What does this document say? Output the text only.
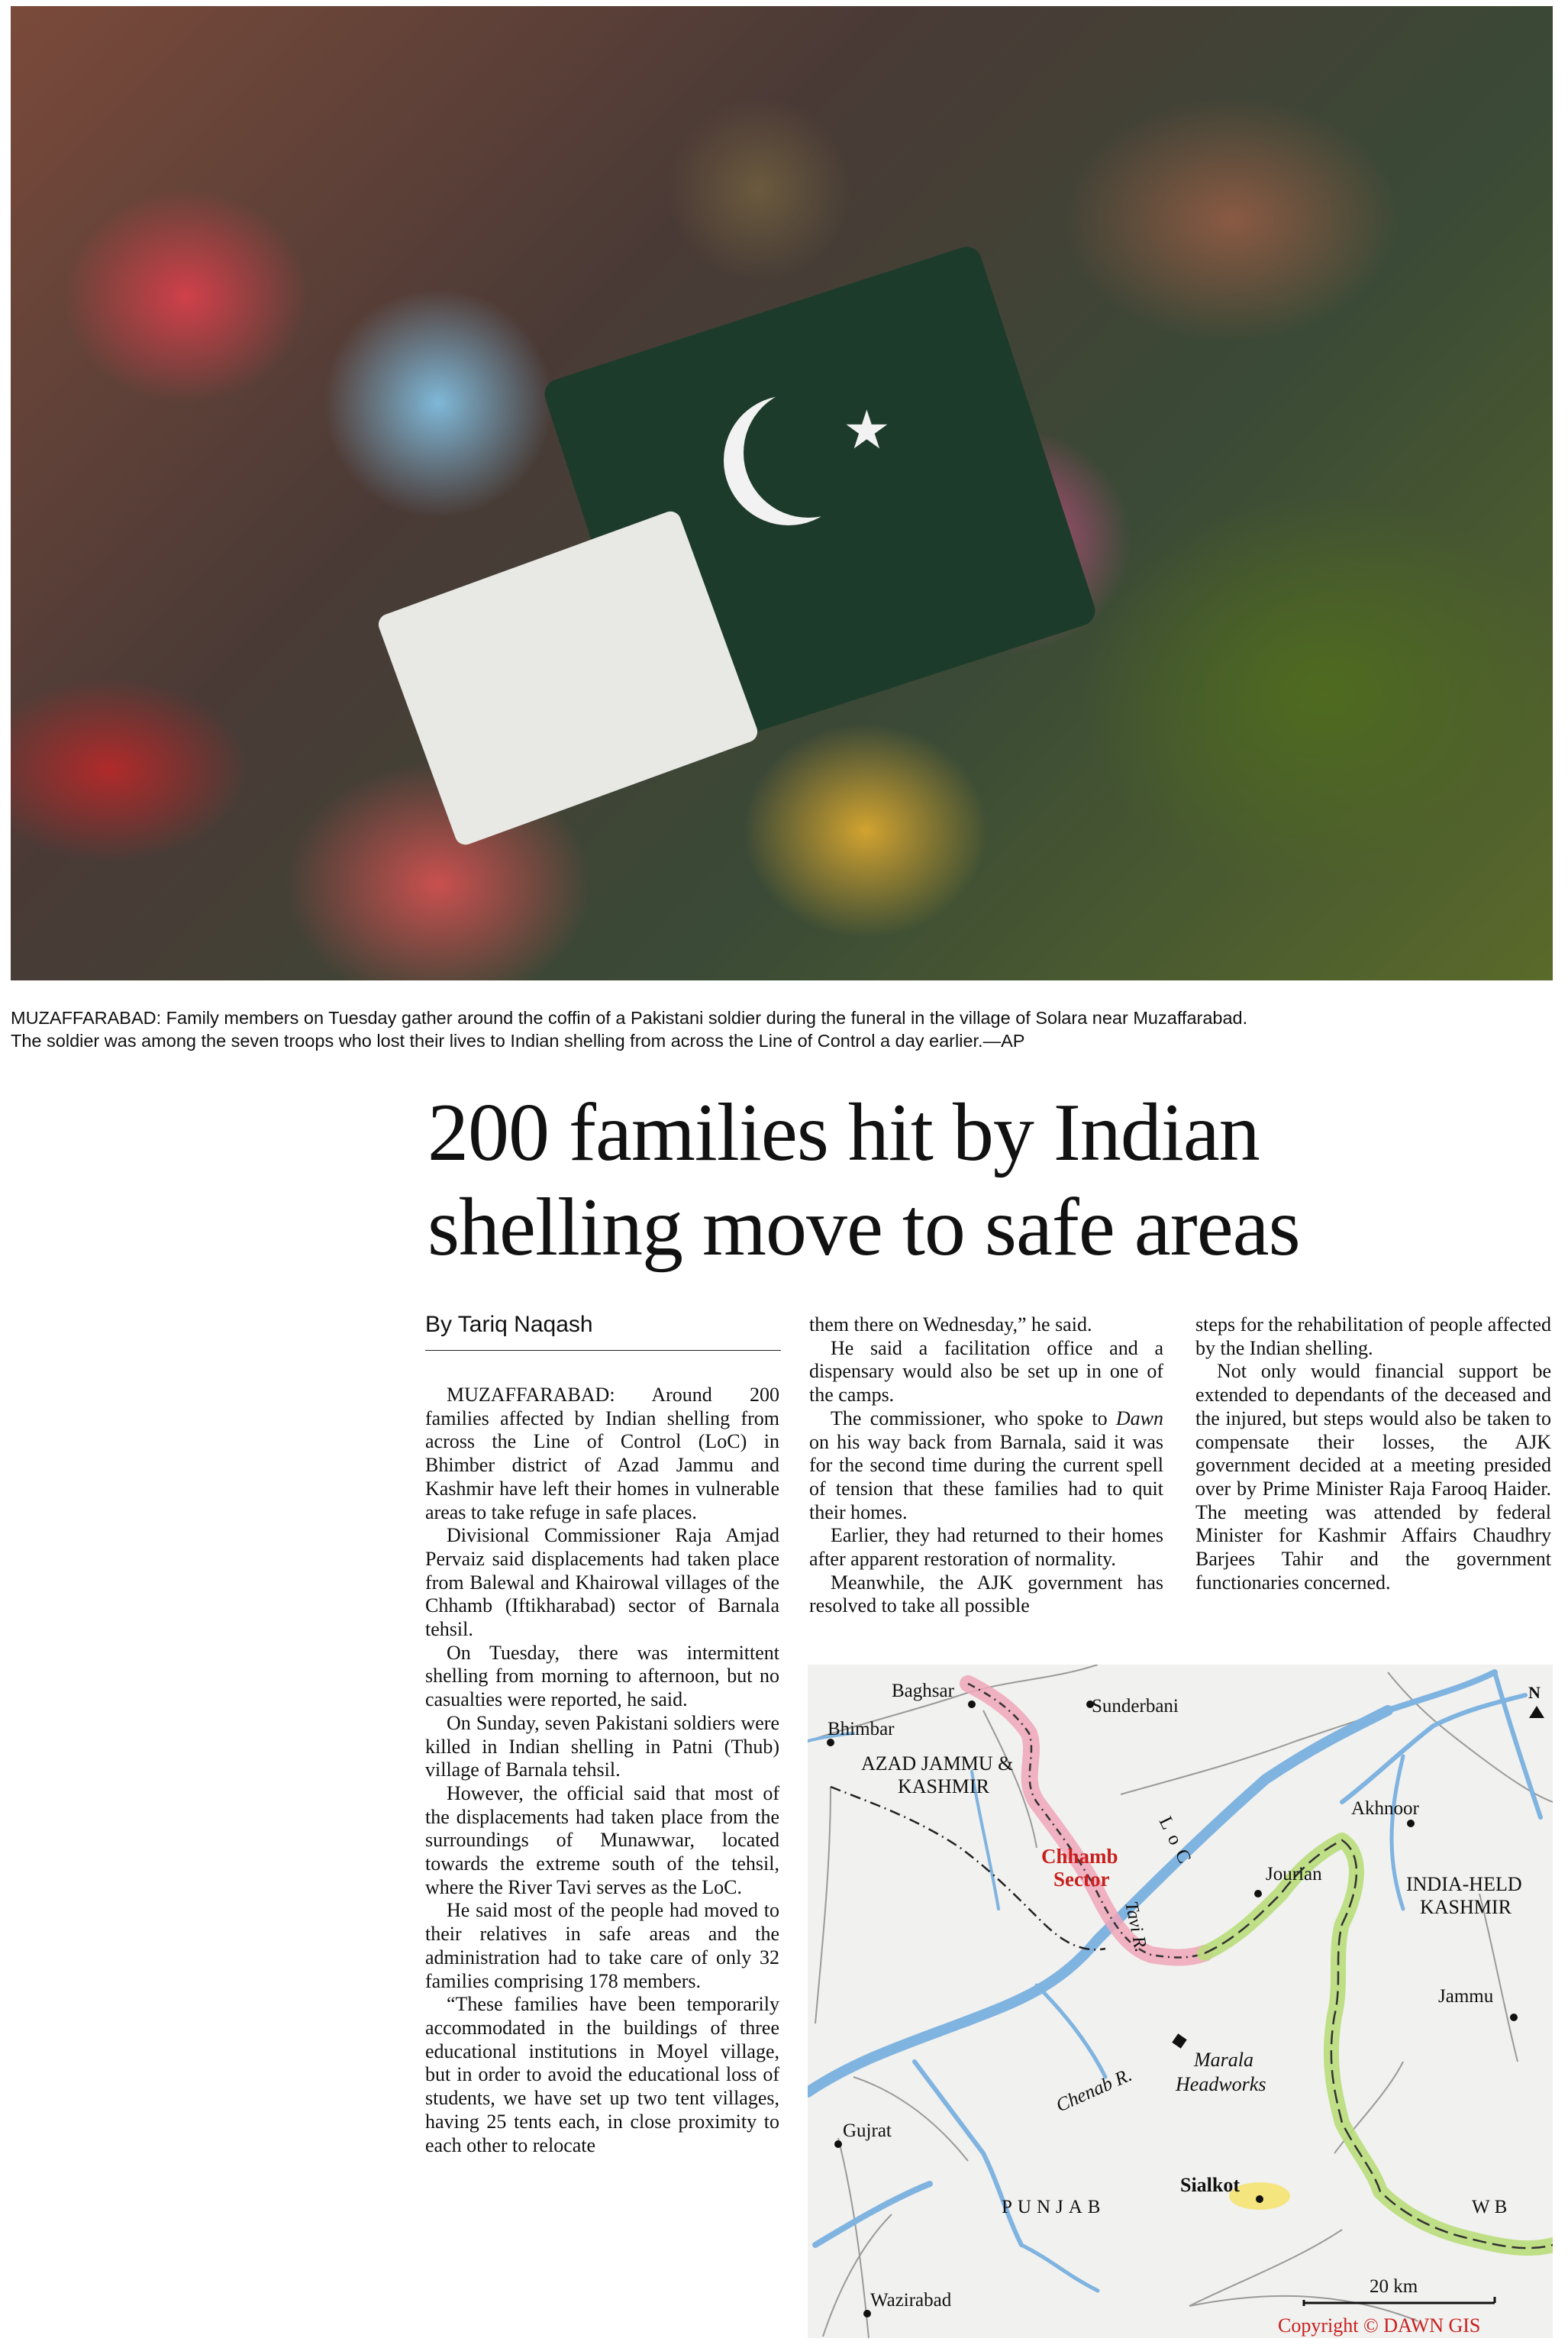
★
MUZAFFARABAD: Family members on Tuesday gather around the coffin of a Pakistani soldier during the funeral in the village of Solara near Muzaffarabad.
The soldier was among the seven troops who lost their lives to Indian shelling from across the Line of Control a day earlier.—AP
200 families hit by Indian
shelling move to safe areas
By Tariq Naqash

MUZAFFARABAD: Around 200 families affected by Indian shelling from across the Line of Control (LoC) in Bhimber district of Azad Jammu and Kashmir have left their homes in vulnerable areas to take refuge in safe places.

Divisional Commissioner Raja Amjad Pervaiz said displacements had taken place from Balewal and Khairowal villages of the Chhamb (Iftikharabad) sector of Barnala tehsil.

On Tuesday, there was intermittent shelling from morning to afternoon, but no casualties were reported, he said.

On Sunday, seven Pakistani soldiers were killed in Indian shelling in Patni (Thub) village of Barnala tehsil.

However, the official said that most of the displacements had taken place from the surroundings of Munawwar, located towards the extreme south of the tehsil, where the River Tavi serves as the LoC.

He said most of the people had moved to their relatives in safe areas and the administration had to take care of only 32 families comprising 178 members.

“These families have been temporarily accommodated in the buildings of three educational institutions in Moyel village, but in order to avoid the educational loss of students, we have set up two tent villages, having 25 tents each, in close proximity to each other to relocate

them there on Wednesday,” he said.

He said a facilitation office and a dispensary would also be set up in one of the camps.

The commissioner, who spoke to Dawn on his way back from Barnala, said it was for the second time during the current spell of tension that these families had to quit their homes.

Earlier, they had returned to their homes after apparent restoration of normality.

Meanwhile, the AJK government has resolved to take all possible

steps for the rehabilitation of people affected by the Indian shelling.

Not only would financial support be extended to dependants of the deceased and the injured, but steps would also be taken to compensate their losses, the AJK government decided at a meeting presided over by Prime Minister Raja Farooq Haider. The meeting was attended by federal Minister for Kashmir Affairs Chaudhry Barjees Tahir and the government functionaries concerned.

Baghsar
Sunderbani
Bhimbar
AZAD JAMMU &
KASHMIR
Akhnoor
Chhamb
Sector
LoC
Jourian	INDIA-HELD
KASHMIR
Tavi R.
Jammu
Marala
Headworks
Chenab R.
Gujrat
Sialkot
PUNJAB	WB
Wazirabad
20 km
N
Copyright © DAWN GIS
